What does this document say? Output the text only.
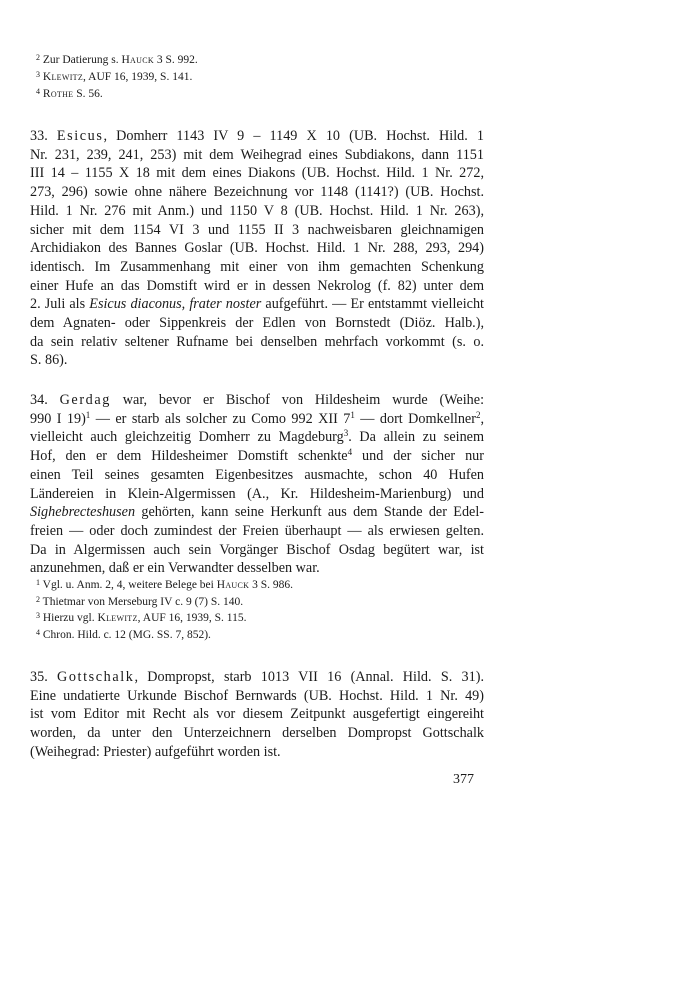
$^2$ Zur Datierung s. Hauck 3 S. 992.
$^3$ Klewitz, AUF 16, 1939, S. 141.
$^4$ Rothe S. 56.
33. Esicus, Domherr 1143 IV 9 – 1149 X 10 (UB. Hochst. Hild. 1
Nr. 231, 239, 241, 253) mit dem Weihegrad eines Subdiakons, dann 1151
III 14 – 1155 X 18 mit dem eines Diakons (UB. Hochst. Hild. 1 Nr. 272,
273, 296) sowie ohne nähere Bezeichnung vor 1148 (1141?) (UB. Hochst.
Hild. 1 Nr. 276 mit Anm.) und 1150 V 8 (UB. Hochst. Hild. 1 Nr. 263),
sicher mit dem 1154 VI 3 und 1155 II 3 nachweisbaren gleichnamigen
Archidiakon des Bannes Goslar (UB. Hochst. Hild. 1 Nr. 288, 293, 294)
identisch. Im Zusammenhang mit einer von ihm gemachten Schenkung
einer Hufe an das Domstift wird er in dessen Nekrolog (f. 82) unter dem
2. Juli als Esicus diaconus, frater noster aufgeführt. — Er entstammt vielleicht
dem Agnaten- oder Sippenkreis der Edlen von Bornstedt (Diöz. Halb.),
da sein relativ seltener Rufname bei denselben mehrfach vorkommt (s. o.
S. 86).
34. Gerdag war, bevor er Bischof von Hildesheim wurde (Weihe:
990 I 19)$^1$ — er starb als solcher zu Como 992 XII $7^1$ — dort Domkellner$^2$,
vielleicht auch gleichzeitig Domherr zu Magdeburg$^3$. Da allein zu seinem
Hof, den er dem Hildesheimer Domstift schenkte$^4$ und der sicher nur
einen Teil seines gesamten Eigenbesitzes ausmachte, schon 40 Hufen
Ländereien in Klein-Algermissen (A., Kr. Hildesheim-Marienburg) und
Sighebrecteshusen gehörten, kann seine Herkunft aus dem Stande der Edel-
freien — oder doch zumindest der Freien überhaupt — als erwiesen gelten.
Da in Algermissen auch sein Vorgänger Bischof Osdag begütert war, ist
anzunehmen, daß er ein Verwandter desselben war.
$^1$ Vgl. u. Anm. 2, 4, weitere Belege bei Hauck 3 S. 986.
$^2$ Thietmar von Merseburg IV c. 9 (7) S. 140.
$^3$ Hierzu vgl. Klewitz, AUF 16, 1939, S. 115.
$^4$ Chron. Hild. c. 12 (MG. SS. 7, 852).
35. Gottschalk, Dompropst, starb 1013 VII 16 (Annal. Hild. S. 31).
Eine undatierte Urkunde Bischof Bernwards (UB. Hochst. Hild. 1 Nr. 49)
ist vom Editor mit Recht als vor diesem Zeitpunkt ausgefertigt eingereiht
worden, da unter den Unterzeichnern derselben Dompropst Gottschalk
(Weihegrad: Priester) aufgeführt worden ist.
377
